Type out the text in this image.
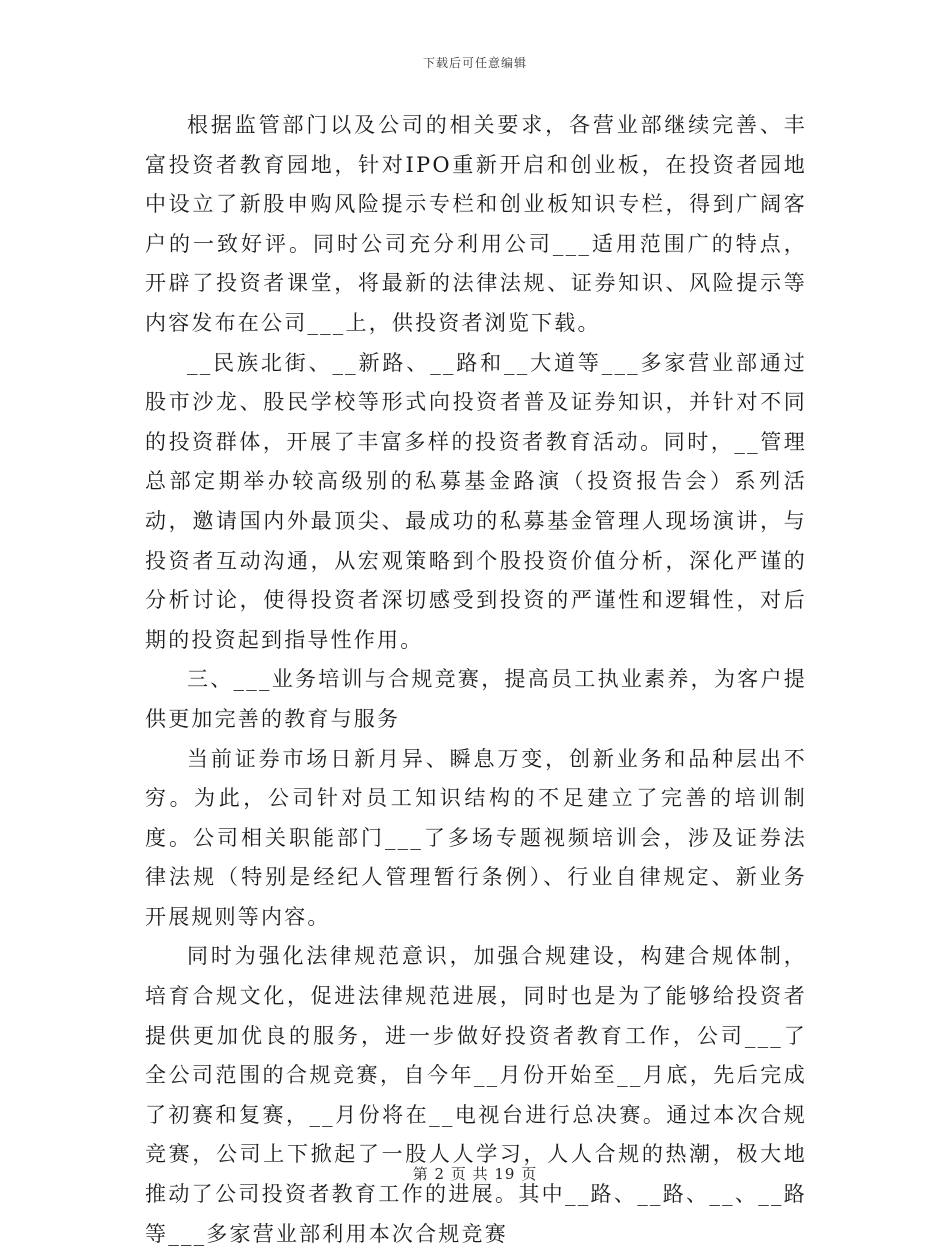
下载后可任意编辑

根据监管部门以及公司的相关要求，各营业部继续完善、丰富投资者教育园地，针对IPO重新开启和创业板，在投资者园地中设立了新股申购风险提示专栏和创业板知识专栏，得到广阔客户的一致好评。同时公司充分利用公司___适用范围广的特点，开辟了投资者课堂，将最新的法律法规、证券知识、风险提示等内容发布在公司___上，供投资者浏览下载。

__民族北街、__新路、__路和__大道等___多家营业部通过股市沙龙、股民学校等形式向投资者普及证券知识，并针对不同的投资群体，开展了丰富多样的投资者教育活动。同时，__管理总部定期举办较高级别的私募基金路演（投资报告会）系列活动，邀请国内外最顶尖、最成功的私募基金管理人现场演讲，与投资者互动沟通，从宏观策略到个股投资价值分析，深化严谨的分析讨论，使得投资者深切感受到投资的严谨性和逻辑性，对后期的投资起到指导性作用。

三、___业务培训与合规竞赛，提高员工执业素养，为客户提供更加完善的教育与服务

当前证券市场日新月异、瞬息万变，创新业务和品种层出不穷。为此，公司针对员工知识结构的不足建立了完善的培训制度。公司相关职能部门___了多场专题视频培训会，涉及证券法律法规（特别是经纪人管理暂行条例）、行业自律规定、新业务开展规则等内容。

同时为强化法律规范意识，加强合规建设，构建合规体制，培育合规文化，促进法律规范进展，同时也是为了能够给投资者提供更加优良的服务，进一步做好投资者教育工作，公司___了全公司范围的合规竞赛，自今年__月份开始至__月底，先后完成了初赛和复赛，__月份将在__电视台进行总决赛。通过本次合规竞赛，公司上下掀起了一股人人学习，人人合规的热潮，极大地推动了公司投资者教育工作的进展。其中__路、__路、__、__路等___多家营业部利用本次合规竞赛

第 2 页 共 19 页
